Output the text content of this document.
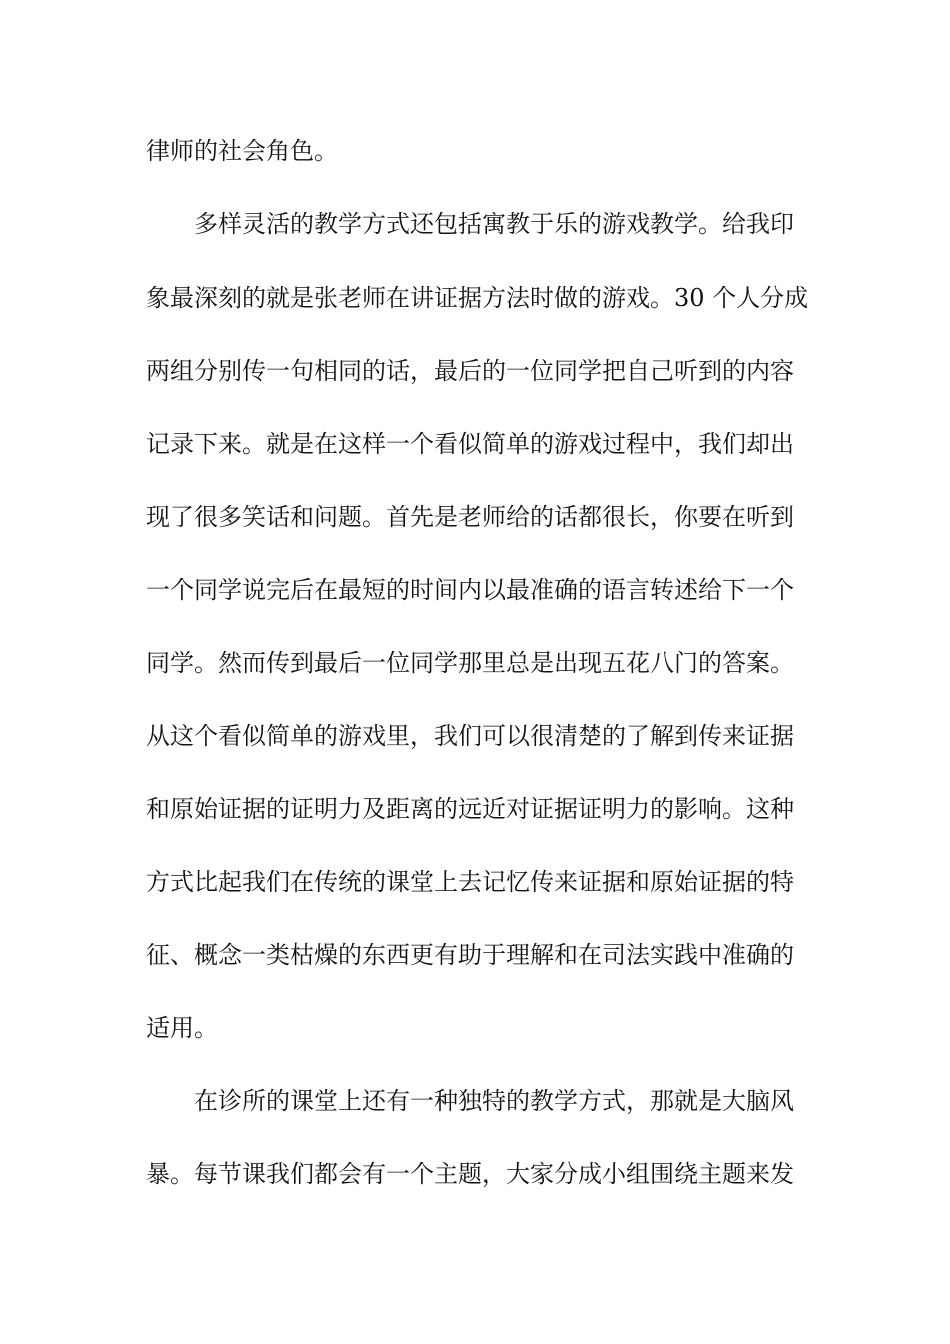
律师的社会角色。
多样灵活的教学方式还包括寓教于乐的游戏教学。给我印
象最深刻的就是张老师在讲证据方法时做的游戏。30 个人分成
两组分别传一句相同的话，最后的一位同学把自己听到的内容
记录下来。就是在这样一个看似简单的游戏过程中，我们却出
现了很多笑话和问题。首先是老师给的话都很长，你要在听到
一个同学说完后在最短的时间内以最准确的语言转述给下一个
同学。然而传到最后一位同学那里总是出现五花八门的答案。
从这个看似简单的游戏里，我们可以很清楚的了解到传来证据
和原始证据的证明力及距离的远近对证据证明力的影响。这种
方式比起我们在传统的课堂上去记忆传来证据和原始证据的特
征、概念一类枯燥的东西更有助于理解和在司法实践中准确的
适用。
在诊所的课堂上还有一种独特的教学方式，那就是大脑风
暴。每节课我们都会有一个主题，大家分成小组围绕主题来发
